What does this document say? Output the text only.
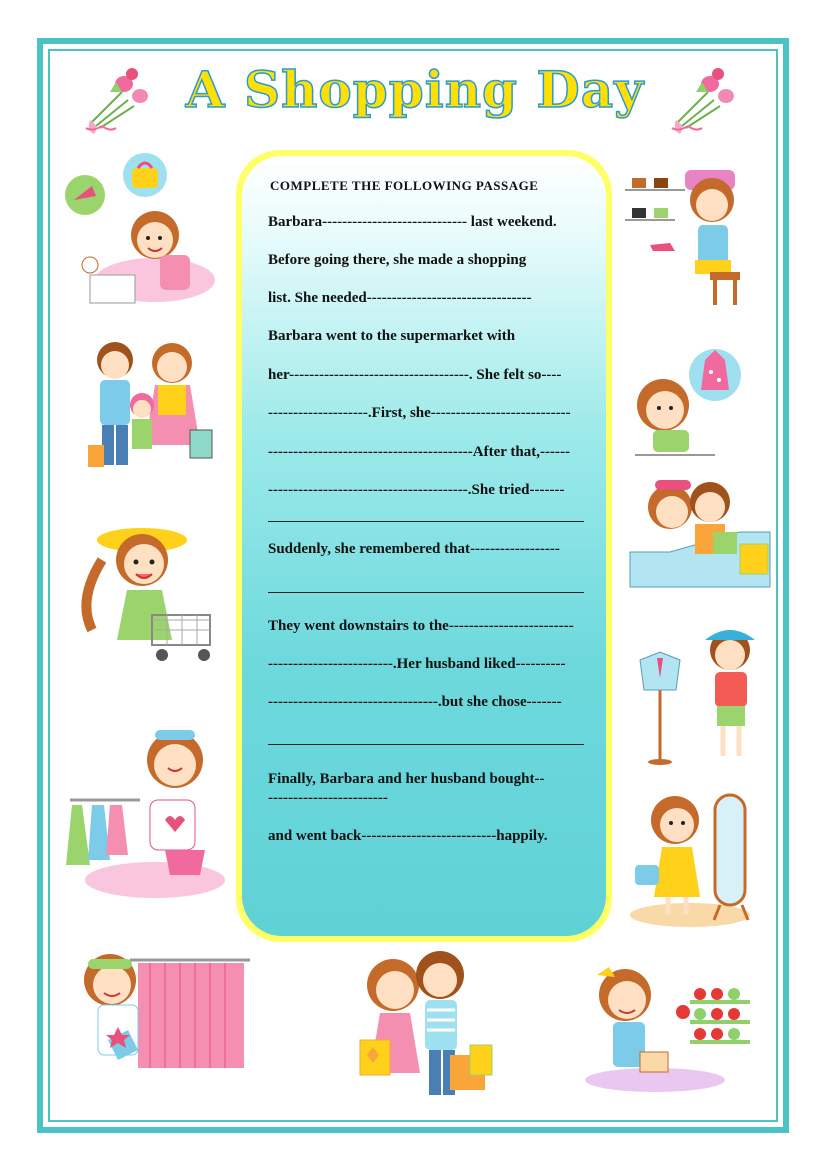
A Shopping Day
COMPLETE THE FOLLOWING PASSAGE
Barbara----------------------------- last weekend.
Before going there, she made a shopping
list. She needed---------------------------------
Barbara went to the supermarket with
her------------------------------------. She felt so----
--------------------.First, she----------------------------
-----------------------------------------After that,------
----------------------------------------.She tried-------
Suddenly, she remembered that------------------
They went downstairs to the-------------------------
-------------------------.Her husband liked----------
----------------------------------.but she chose-------
Finally, Barbara and her husband bought--
------------------------
and went back---------------------------happily.
